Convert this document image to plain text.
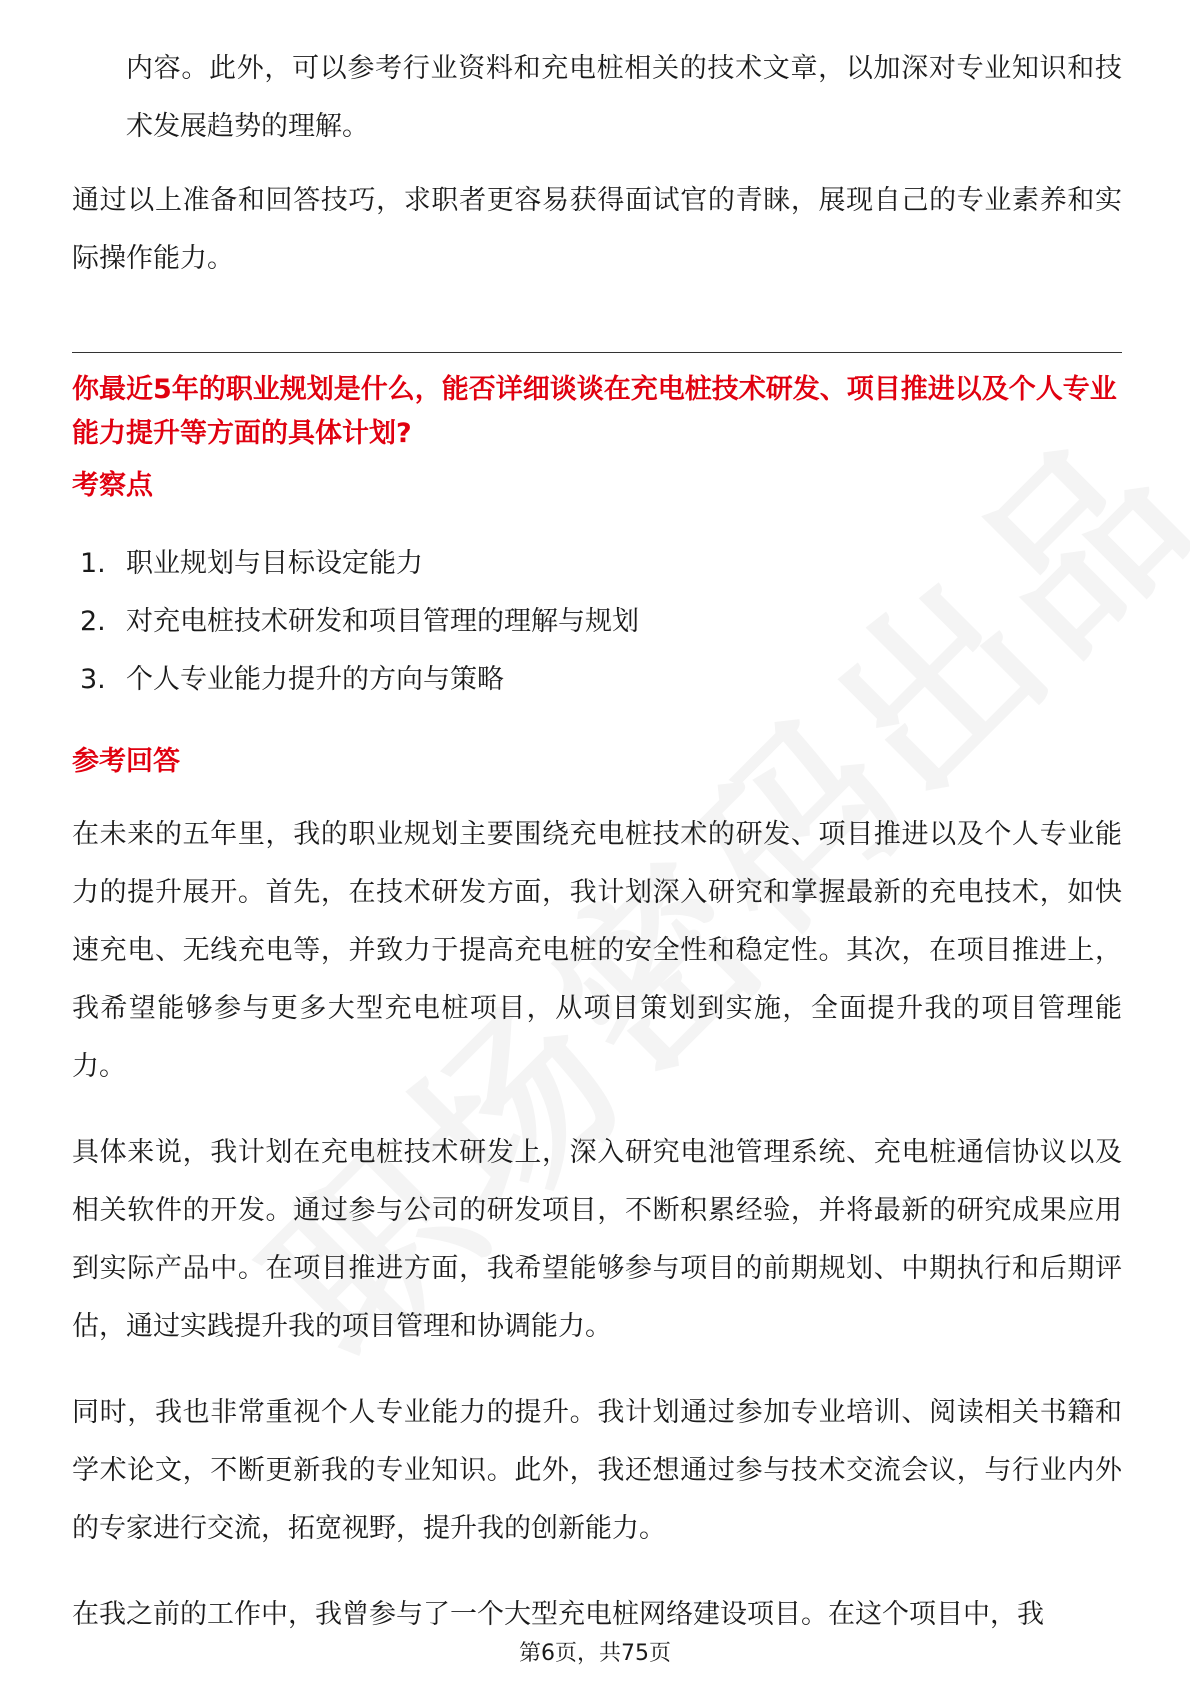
内容。此外，可以参考行业资料和充电桩相关的技术文章，以加深对专业知识和技术发展趋势的理解。

通过以上准备和回答技巧，求职者更容易获得面试官的青睐，展现自己的专业素养和实际操作能力。

你最近5年的职业规划是什么，能否详细谈谈在充电桩技术研发、项目推进以及个人专业能力提升等方面的具体计划?
考察点
1. 职业规划与目标设定能力
2. 对充电桩技术研发和项目管理的理解与规划
3. 个人专业能力提升的方向与策略
参考回答

在未来的五年里，我的职业规划主要围绕充电桩技术的研发、项目推进以及个人专业能力的提升展开。首先，在技术研发方面，我计划深入研究和掌握最新的充电技术，如快速充电、无线充电等，并致力于提高充电桩的安全性和稳定性。其次，在项目推进上，我希望能够参与更多大型充电桩项目，从项目策划到实施，全面提升我的项目管理能力。

具体来说，我计划在充电桩技术研发上，深入研究电池管理系统、充电桩通信协议以及相关软件的开发。通过参与公司的研发项目，不断积累经验，并将最新的研究成果应用到实际产品中。在项目推进方面，我希望能够参与项目的前期规划、中期执行和后期评估，通过实践提升我的项目管理和协调能力。

同时，我也非常重视个人专业能力的提升。我计划通过参加专业培训、阅读相关书籍和学术论文，不断更新我的专业知识。此外，我还想通过参与技术交流会议，与行业内外的专家进行交流，拓宽视野，提升我的创新能力。

在我之前的工作中，我曾参与了一个大型充电桩网络建设项目。在这个项目中，我

第6页，共75页
